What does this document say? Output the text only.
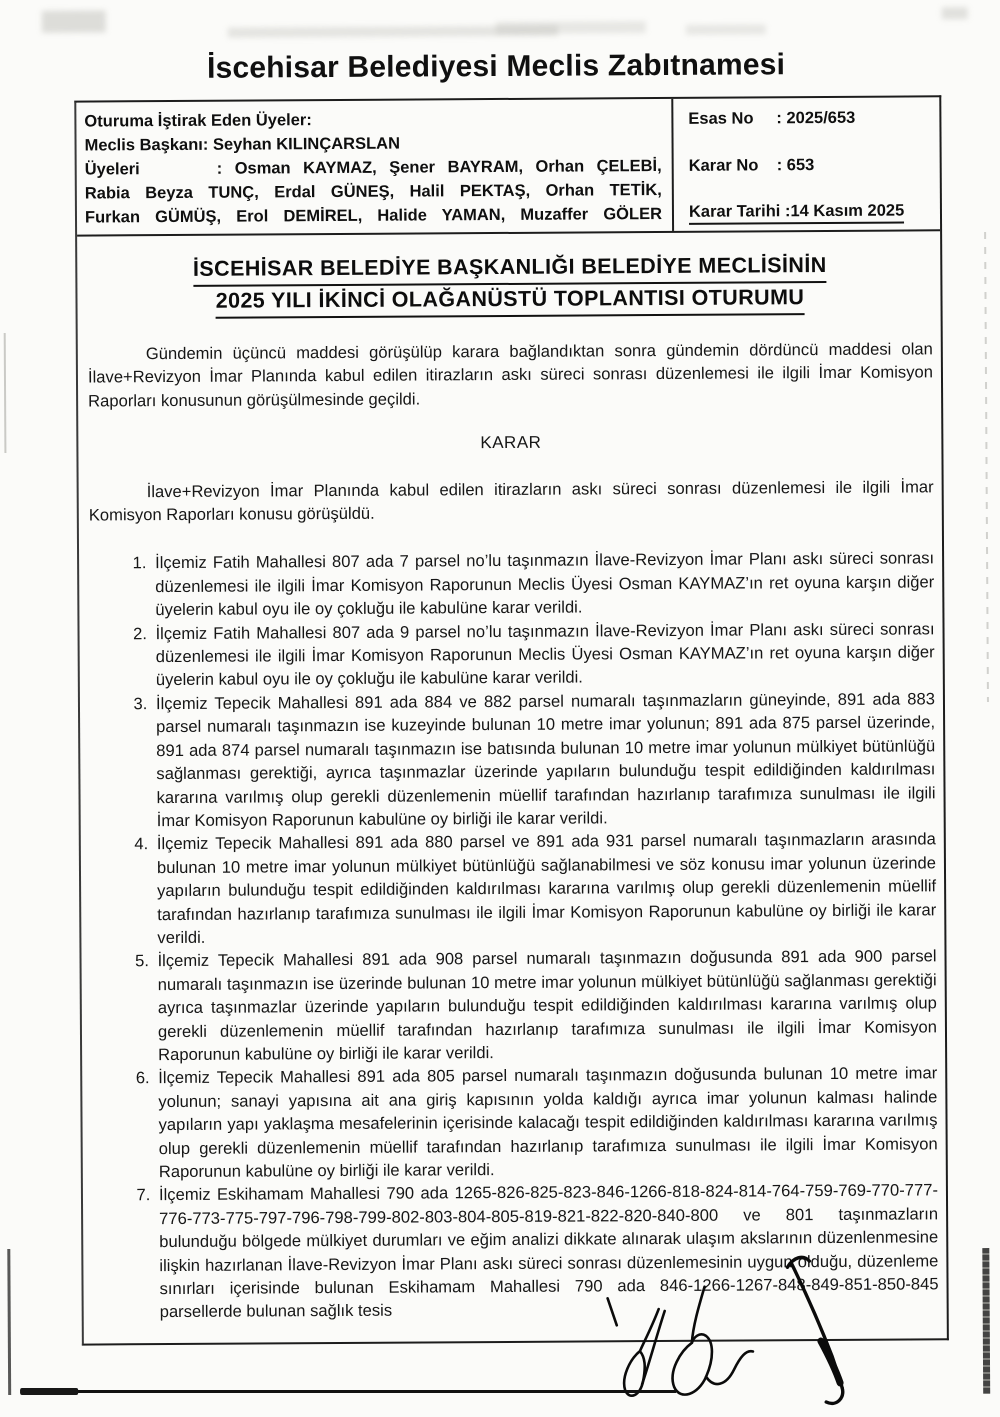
İscehisar Belediyesi Meclis Zabıtnamesi
Oturuma İştirak Eden Üyeler:
Meclis Başkanı: Seyhan KILINÇARSLAN
Üyeleri	: Osman KAYMAZ, Şener BAYRAM, Orhan ÇELEBİ,
Rabia Beyza TUNÇ, Erdal GÜNEŞ, Halil PEKTAŞ, Orhan TETİK,
Furkan GÜMÜŞ, Erol DEMİREL, Halide YAMAN, Muzaffer GÖLER
Esas No	: 2025/653
Karar No	: 653
Karar Tarihi :14 Kasım 2025
İSCEHİSAR BELEDİYE BAŞKANLIĞI BELEDİYE MECLİSİNİN
2025 YILI İKİNCİ OLAĞANÜSTÜ TOPLANTISI OTURUMU

Gündemin üçüncü maddesi görüşülüp karara bağlandıktan sonra gündemin dördüncü maddesi olan İlave+Revizyon İmar Planında kabul edilen itirazların askı süreci sonrası düzenlemesi ile ilgili İmar Komisyon Raporları konusunun görüşülmesinde geçildi.

KARAR

İlave+Revizyon İmar Planında kabul edilen itirazların askı süreci sonrası düzenlemesi ile ilgili İmar Komisyon Raporları konusu görüşüldü.

1. İlçemiz Fatih Mahallesi 807 ada 7 parsel no’lu taşınmazın İlave-Revizyon İmar Planı askı süreci sonrası düzenlemesi ile ilgili İmar Komisyon Raporunun Meclis Üyesi Osman KAYMAZ’ın ret oyuna karşın diğer üyelerin kabul oyu ile oy çokluğu ile kabulüne karar verildi.
2. İlçemiz Fatih Mahallesi 807 ada 9 parsel no’lu taşınmazın İlave-Revizyon İmar Planı askı süreci sonrası düzenlemesi ile ilgili İmar Komisyon Raporunun Meclis Üyesi Osman KAYMAZ’ın ret oyuna karşın diğer üyelerin kabul oyu ile oy çokluğu ile kabulüne karar verildi.
3. İlçemiz Tepecik Mahallesi 891 ada 884 ve 882 parsel numaralı taşınmazların güneyinde, 891 ada 883 parsel numaralı taşınmazın ise kuzeyinde bulunan 10 metre imar yolunun; 891 ada 875 parsel üzerinde, 891 ada 874 parsel numaralı taşınmazın ise batısında bulunan 10 metre imar yolunun mülkiyet bütünlüğü sağlanması gerektiği, ayrıca taşınmazlar üzerinde yapıların bulunduğu tespit edildiğinden kaldırılması kararına varılmış olup gerekli düzenlemenin müellif tarafından hazırlanıp tarafımıza sunulması ile ilgili İmar Komisyon Raporunun kabulüne oy birliği ile karar verildi.
4. İlçemiz Tepecik Mahallesi 891 ada 880 parsel ve 891 ada 931 parsel numaralı taşınmazların arasında bulunan 10 metre imar yolunun mülkiyet bütünlüğü sağlanabilmesi ve söz konusu imar yolunun üzerinde yapıların bulunduğu tespit edildiğinden kaldırılması kararına varılmış olup gerekli düzenlemenin müellif tarafından hazırlanıp tarafımıza sunulması ile ilgili İmar Komisyon Raporunun kabulüne oy birliği ile karar verildi.
5. İlçemiz Tepecik Mahallesi 891 ada 908 parsel numaralı taşınmazın doğusunda 891 ada 900 parsel numaralı taşınmazın ise üzerinde bulunan 10 metre imar yolunun mülkiyet bütünlüğü sağlanması gerektiği ayrıca taşınmazlar üzerinde yapıların bulunduğu tespit edildiğinden kaldırılması kararına varılmış olup gerekli düzenlemenin müellif tarafından hazırlanıp tarafımıza sunulması ile ilgili İmar Komisyon Raporunun kabulüne oy birliği ile karar verildi.
6. İlçemiz Tepecik Mahallesi 891 ada 805 parsel numaralı taşınmazın doğusunda bulunan 10 metre imar yolunun; sanayi yapısına ait ana giriş kapısının yolda kaldığı ayrıca imar yolunun kalması halinde yapıların yapı yaklaşma mesafelerinin içerisinde kalacağı tespit edildiğinden kaldırılması kararına varılmış olup gerekli düzenlemenin müellif tarafından hazırlanıp tarafımıza sunulması ile ilgili İmar Komisyon Raporunun kabulüne oy birliği ile karar verildi.
7. İlçemiz Eskihamam Mahallesi 790 ada 1265-826-825-823-846-1266-818-824-814-764-759-769-770-777-776-773-775-797-796-798-799-802-803-804-805-819-821-822-820-840-800 ve 801 taşınmazların bulunduğu bölgede mülkiyet durumları ve eğim analizi dikkate alınarak ulaşım akslarının düzenlenmesine ilişkin hazırlanan İlave-Revizyon İmar Planı askı süreci sonrası düzenlemesinin uygun olduğu, düzenleme sınırları içerisinde bulunan Eskihamam Mahallesi 790 ada 846-1266-1267-848-849-851-850-845 parsellerde bulunan sağlık tesis
